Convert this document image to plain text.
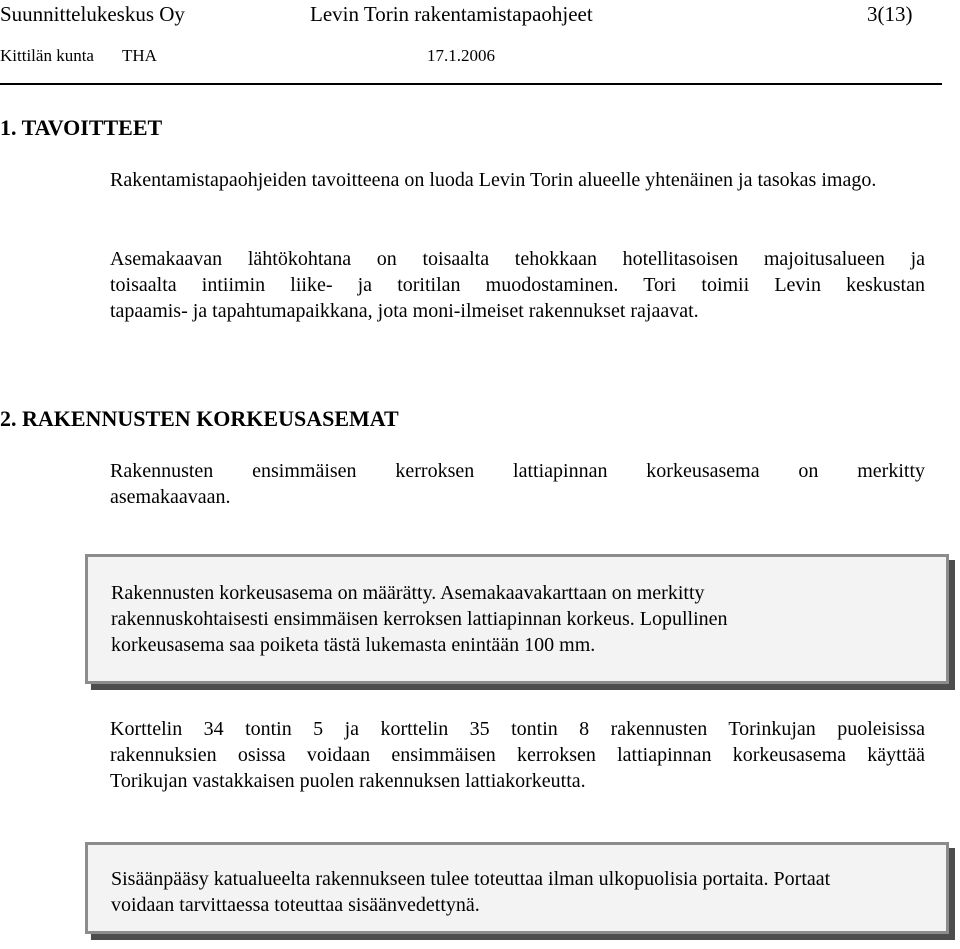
Suunnittelukeskus Oy	Levin Torin rakentamistapaohjeet	3(13)
Kittilän kunta THA	17.1.2006
1. TAVOITTEET
Rakentamistapaohjeiden tavoitteena on luoda Levin Torin alueelle yhtenäinen ja tasokas imago.
Asemakaavan lähtökohtana on toisaalta tehokkaan hotellitasoisen majoitusalueen ja
toisaalta intiimin liike- ja toritilan muodostaminen. Tori toimii Levin keskustan
tapaamis- ja tapahtumapaikkana, jota moni-ilmeiset rakennukset rajaavat.
2. RAKENNUSTEN KORKEUSASEMAT
Rakennusten ensimmäisen kerroksen lattiapinnan korkeusasema on merkitty
asemakaavaan.
Rakennusten korkeusasema on määrätty. Asemakaavakarttaan on merkitty rakennuskohtaisesti ensimmäisen kerroksen lattiapinnan korkeus. Lopullinen korkeusasema saa poiketa tästä lukemasta enintään 100 mm.
Korttelin 34 tontin 5 ja korttelin 35 tontin 8 rakennusten Torinkujan puoleisissa
rakennuksien osissa voidaan ensimmäisen kerroksen lattiapinnan korkeusasema käyttää
Torikujan vastakkaisen puolen rakennuksen lattiakorkeutta.
Sisäänpääsy katualueelta rakennukseen tulee toteuttaa ilman ulkopuolisia portaita. Portaat voidaan tarvittaessa toteuttaa sisäänvedettynä.
